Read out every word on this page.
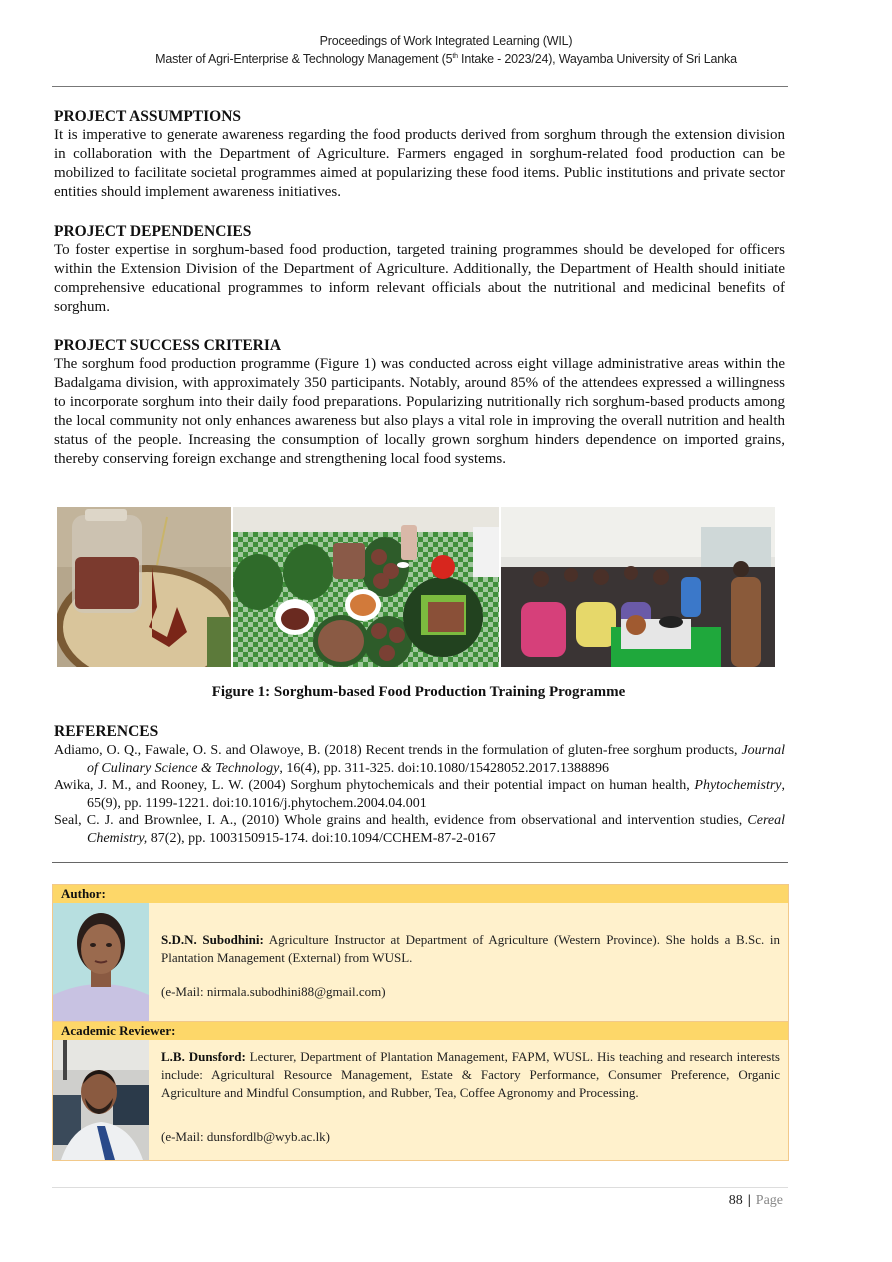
Proceedings of Work Integrated Learning (WIL)
Master of Agri-Enterprise & Technology Management (5th Intake - 2023/24), Wayamba University of Sri Lanka
PROJECT ASSUMPTIONS

It is imperative to generate awareness regarding the food products derived from sorghum through the extension division in collaboration with the Department of Agriculture. Farmers engaged in sorghum-related food production can be mobilized to facilitate societal programmes aimed at popularizing these food items. Public institutions and private sector entities should implement awareness initiatives.

PROJECT DEPENDENCIES

To foster expertise in sorghum-based food production, targeted training programmes should be developed for officers within the Extension Division of the Department of Agriculture. Additionally, the Department of Health should initiate comprehensive educational programmes to inform relevant officials about the nutritional and medicinal benefits of sorghum.

PROJECT SUCCESS CRITERIA

The sorghum food production programme (Figure 1) was conducted across eight village administrative areas within the Badalgama division, with approximately 350 participants. Notably, around 85% of the attendees expressed a willingness to incorporate sorghum into their daily food preparations. Popularizing nutritionally rich sorghum-based products among the local community not only enhances awareness but also plays a vital role in improving the overall nutrition and health status of the people. Increasing the consumption of locally grown sorghum hinders dependence on imported grains, thereby conserving foreign exchange and strengthening local food systems.

Figure 1: Sorghum-based Food Production Training Programme
REFERENCES
Adiamo, O. Q., Fawale, O. S. and Olawoye, B. (2018) Recent trends in the formulation of gluten-free sorghum products, Journal of Culinary Science & Technology, 16(4), pp. 311-325. doi:10.1080/15428052.2017.1388896
Awika, J. M., and Rooney, L. W. (2004) Sorghum phytochemicals and their potential impact on human health, Phytochemistry, 65(9), pp. 1199-1221. doi:10.1016/j.phytochem.2004.04.001
Seal, C. J. and Brownlee, I. A., (2010) Whole grains and health, evidence from observational and intervention studies, Cereal Chemistry, 87(2), pp. 1003150915-174. doi:10.1094/CCHEM-87-2-0167
Author:
S.D.N. Subodhini: Agriculture Instructor at Department of Agriculture (Western Province). She holds a B.Sc. in Plantation Management (External) from WUSL.
(e-Mail: nirmala.subodhini88@gmail.com)
Academic Reviewer:
L.B. Dunsford: Lecturer, Department of Plantation Management, FAPM, WUSL. His teaching and research interests include: Agricultural Resource Management, Estate & Factory Performance, Consumer Preference, Organic Agriculture and Mindful Consumption, and Rubber, Tea, Coffee Agronomy and Processing.
(e-Mail: dunsfordlb@wyb.ac.lk)
88 | Page
